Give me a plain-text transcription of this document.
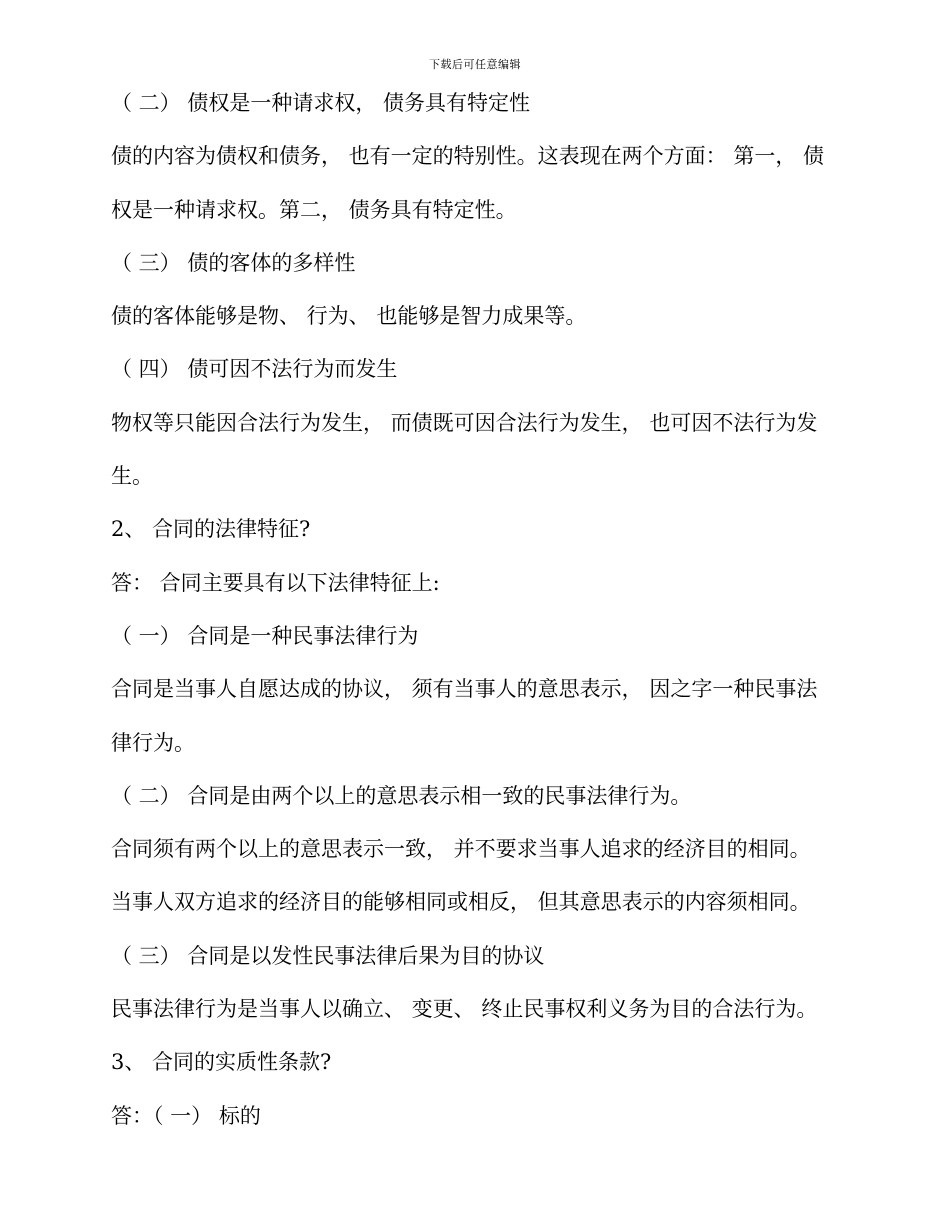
下载后可任意编辑
（ 二） 债权是一种请求权， 债务具有特定性
债的内容为债权和债务， 也有一定的特别性。这表现在两个方面： 第一， 债
权是一种请求权。第二， 债务具有特定性。
（ 三） 债的客体的多样性
债的客体能够是物、 行为、 也能够是智力成果等。
（ 四） 债可因不法行为而发生
物权等只能因合法行为发生， 而债既可因合法行为发生， 也可因不法行为发
生。
2、 合同的法律特征?
答： 合同主要具有以下法律特征上:
（ 一） 合同是一种民事法律行为
合同是当事人自愿达成的协议， 须有当事人的意思表示， 因之字一种民事法
律行为。
（ 二） 合同是由两个以上的意思表示相一致的民事法律行为。
合同须有两个以上的意思表示一致， 并不要求当事人追求的经济目的相同。
当事人双方追求的经济目的能够相同或相反， 但其意思表示的内容须相同。
（ 三） 合同是以发性民事法律后果为目的协议
民事法律行为是当事人以确立、 变更、 终止民事权利义务为目的合法行为。
3、 合同的实质性条款?
答：（ 一） 标的
